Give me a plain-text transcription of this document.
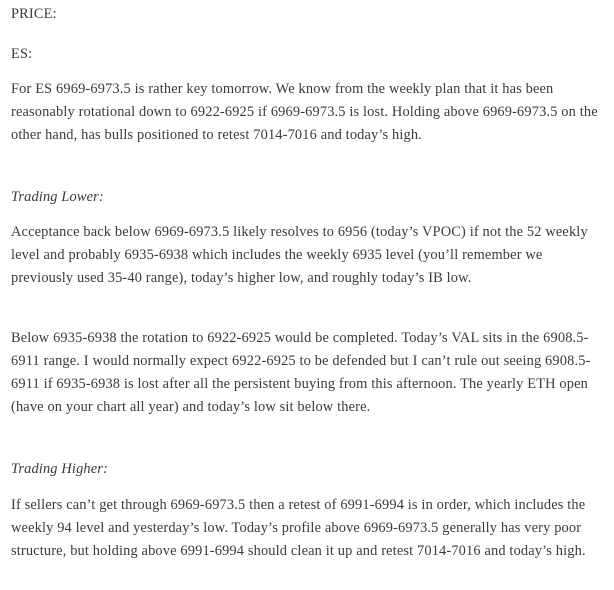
PRICE:

ES:

For ES 6969-6973.5 is rather key tomorrow. We know from the weekly plan that it has been reasonably rotational down to 6922-6925 if 6969-6973.5 is lost. Holding above 6969-6973.5 on the other hand, has bulls positioned to retest 7014-7016 and today’s high.

Trading Lower:

Acceptance back below 6969-6973.5 likely resolves to 6956 (today’s VPOC) if not the 52 weekly level and probably 6935-6938 which includes the weekly 6935 level (you’ll remember we previously used 35-40 range), today’s higher low, and roughly today’s IB low.

Below 6935-6938 the rotation to 6922-6925 would be completed. Today’s VAL sits in the 6908.5-6911 range. I would normally expect 6922-6925 to be defended but I can’t rule out seeing 6908.5-6911 if 6935-6938 is lost after all the persistent buying from this afternoon. The yearly ETH open (have on your chart all year) and today’s low sit below there.

Trading Higher:

If sellers can’t get through 6969-6973.5 then a retest of 6991-6994 is in order, which includes the weekly 94 level and yesterday’s low. Today’s profile above 6969-6973.5 generally has very poor structure, but holding above 6991-6994 should clean it up and retest 7014-7016 and today’s high.
